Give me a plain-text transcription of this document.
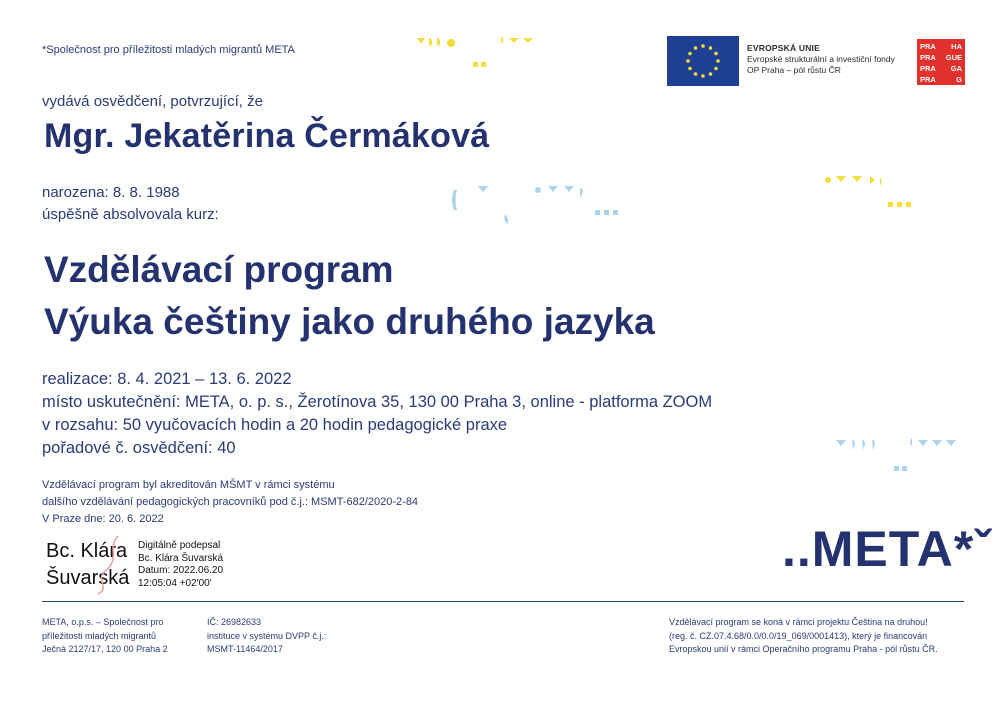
*Společnost pro příležitosti mladých migrantů META	EVROPSKÁ UNIE
Evropské strukturální a investiční fondy
OP Praha – pól růstu ČR
PRA HA
PRA GUE
PRA GA
PRA	G
vydává osvědčení, potvrzující, že
Mgr. Jekatěrina Čermáková
narozena: 8. 8. 1988
úspěšně absolvovala kurz:
Vzdělávací program
Výuka češtiny jako druhého jazyka
realizace: 8. 4. 2021 – 13. 6. 2022
místo uskutečnění: META, o. p. s., Žerotínova 35, 130 00 Praha 3, online - platforma ZOOM
v rozsahu: 50 vyučovacích hodin a 20 hodin pedagogické praxe
pořadové č. osvědčení: 40
Vzdělávací program byl akreditován MŠMT v rámci systému
dalšího vzdělávání pedagogických pracovníků pod č.j.: MSMT-682/2020-2-84
V Praze dne: 20. 6. 2022
Bc. Klára
Šuvarská
Digitálně podepsal
Bc. Klára Šuvarská
Datum: 2022.06.20
12:05:04 +02'00'
..META*ˇ
META, o.p.s. – Společnost pro
příležitosti mladých migrantů
Ječná 2127/17, 120 00 Praha 2
IČ: 26982633
instituce v systému DVPP č.j.:
MSMT-11464/2017
Vzdělávací program se koná v rámci projektu Čeština na druhou!
(reg. č. CZ.07.4.68/0.0/0.0/19_069/0001413), který je financován
Evropskou unií v rámci Operačního programu Praha - pól růstu ČR.
